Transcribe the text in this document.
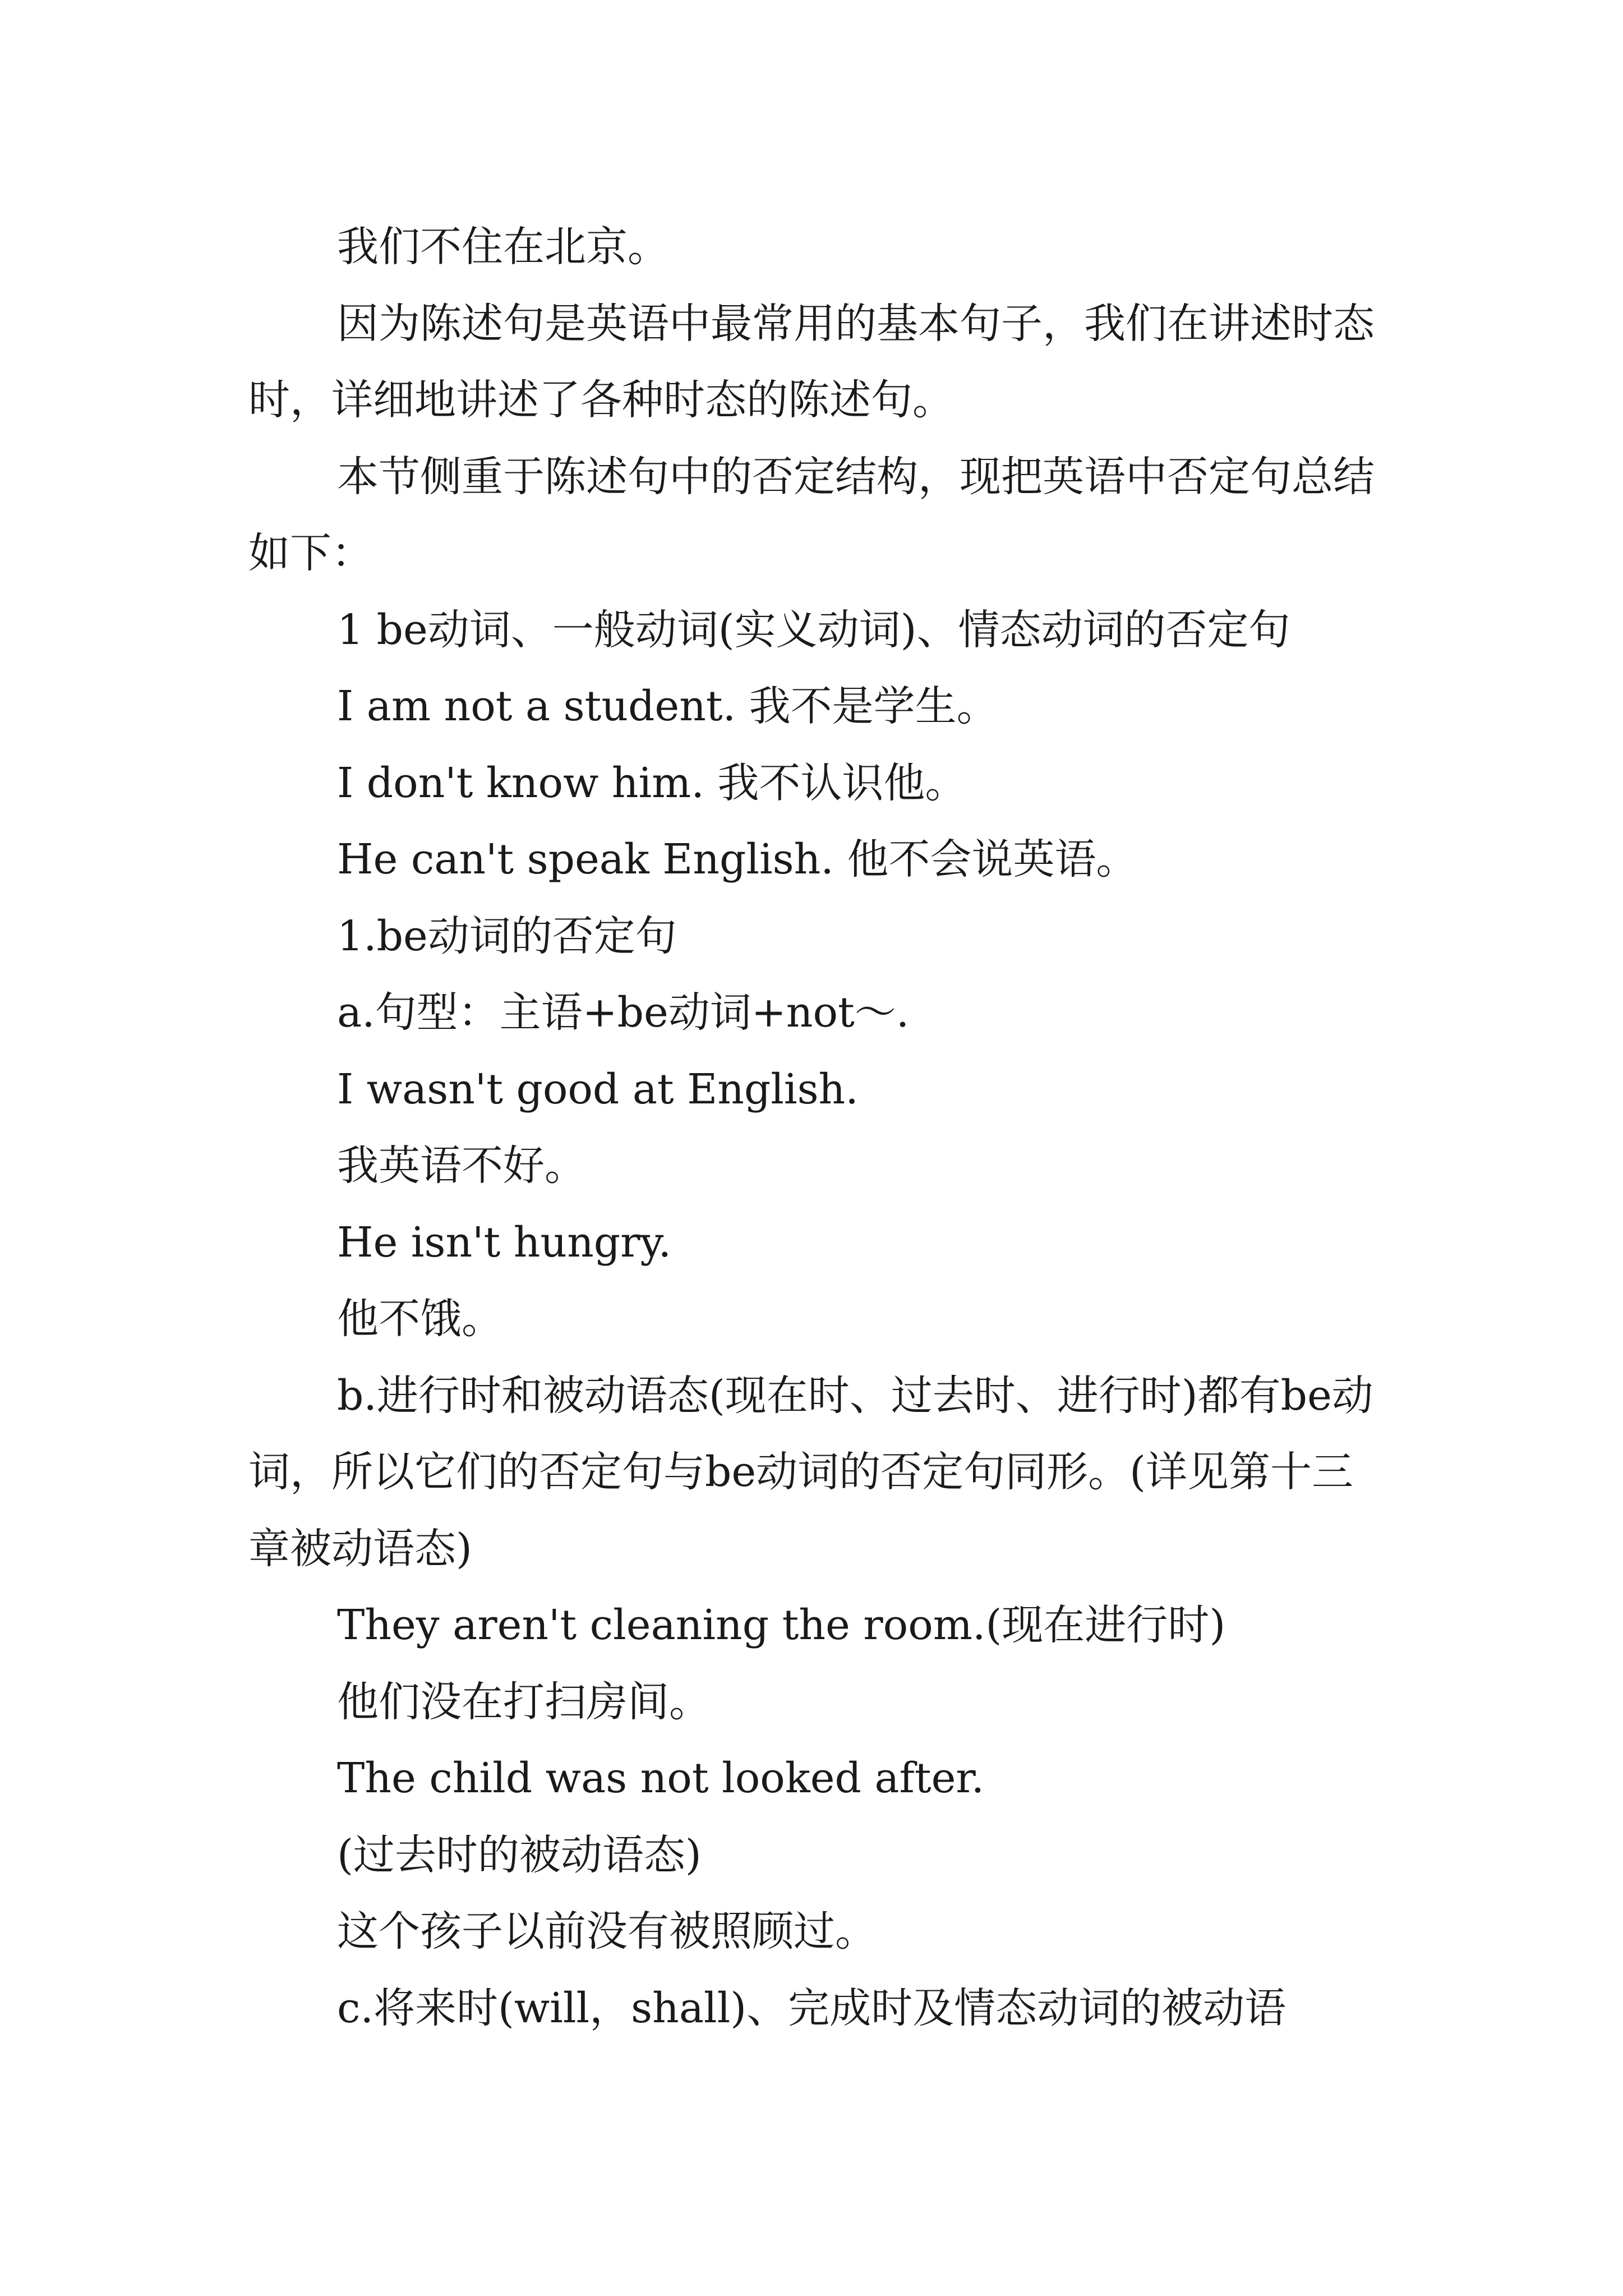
我们不住在北京。

因为陈述句是英语中最常用的基本句子，我们在讲述时态时，详细地讲述了各种时态的陈述句。

本节侧重于陈述句中的否定结构，现把英语中否定句总结如下：

1 be动词、一般动词(实义动词)、情态动词的否定句

I am not a student. 我不是学生。

I don't know him. 我不认识他。

He can't speak English. 他不会说英语。

1.be动词的否定句

a.句型：主语+be动词+not～.

I wasn't good at English.

我英语不好。

He isn't hungry.

他不饿。

b.进行时和被动语态(现在时、过去时、进行时)都有be动词，所以它们的否定句与be动词的否定句同形。(详见第十三章被动语态)

They aren't cleaning the room.(现在进行时)

他们没在打扫房间。

The child was not looked after.

(过去时的被动语态)

这个孩子以前没有被照顾过。

c.将来时(will，shall)、完成时及情态动词的被动语
